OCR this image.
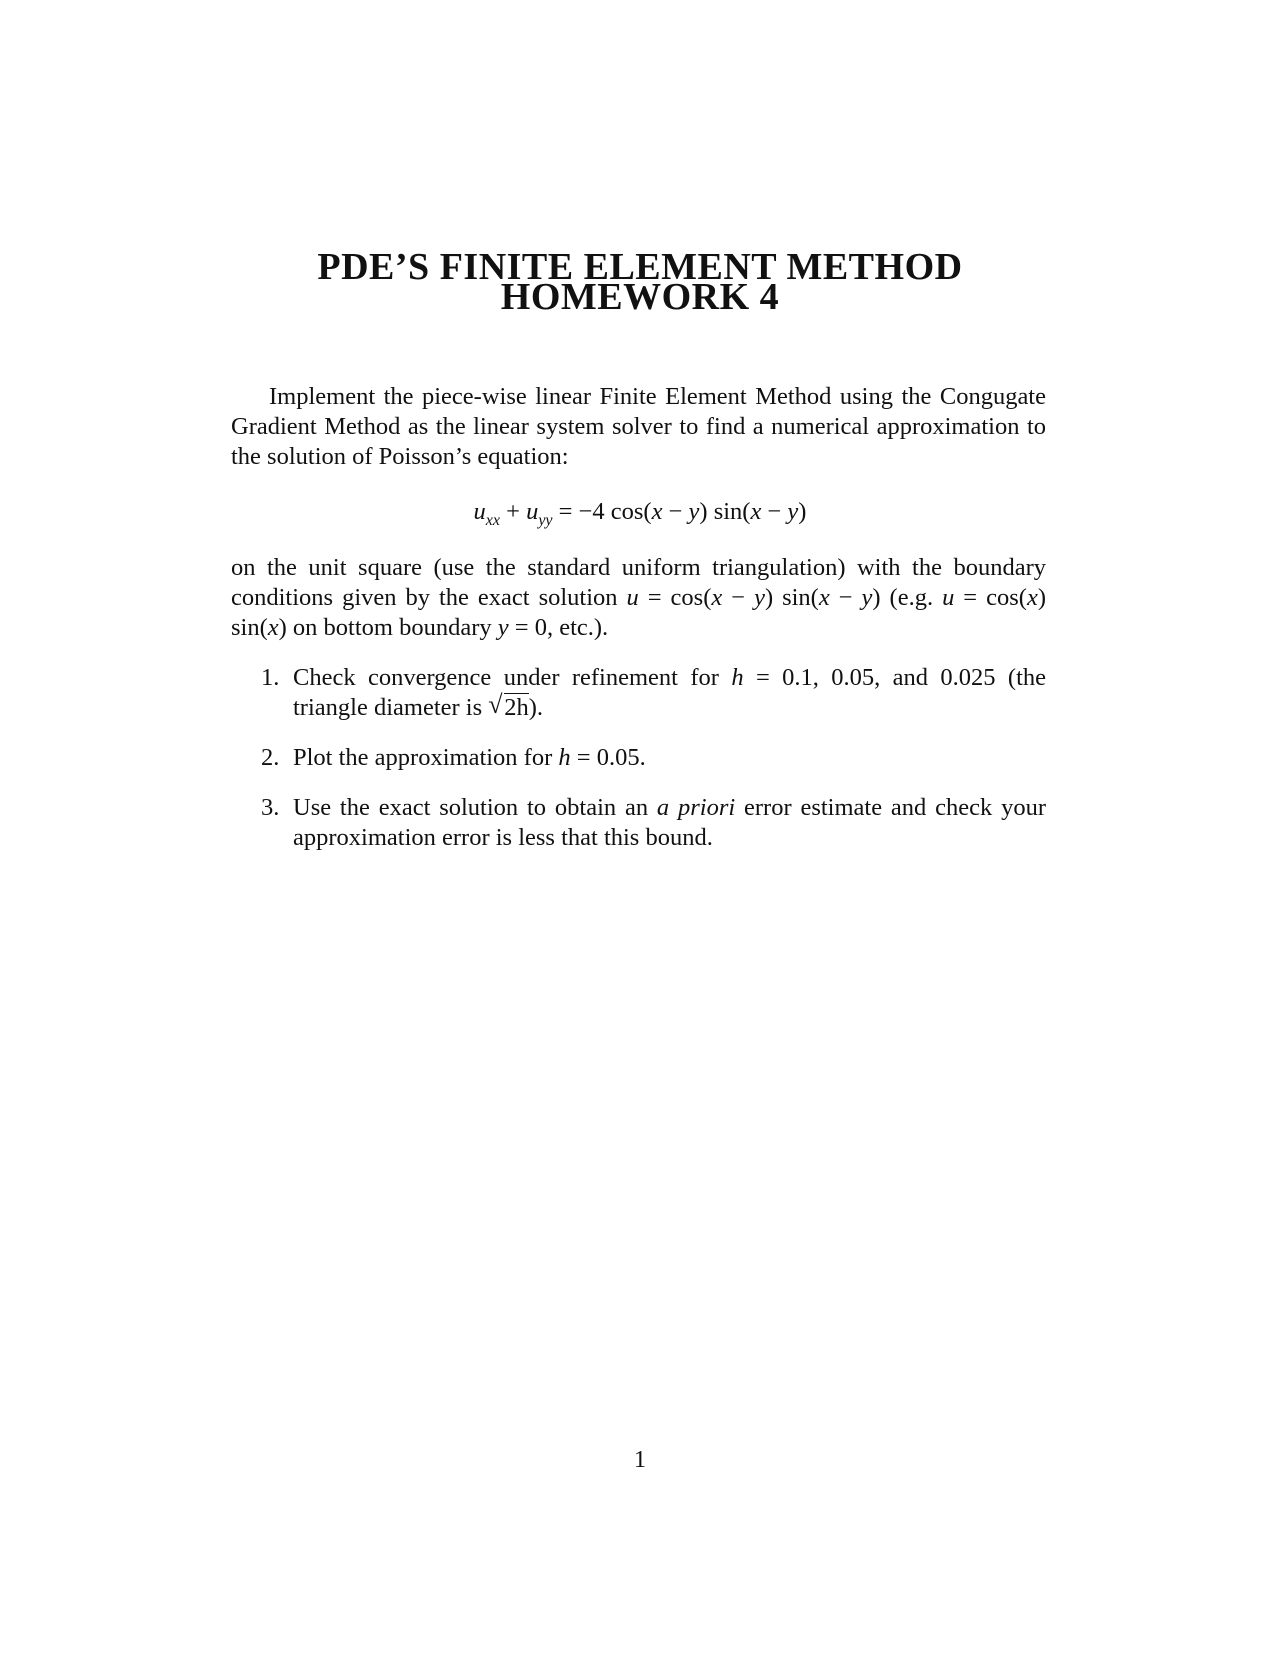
PDE’S FINITE ELEMENT METHOD
HOMEWORK 4
Implement the piece-wise linear Finite Element Method using the Congugate Gradient Method as the linear system solver to find a numerical approximation to the solution of Poisson’s equation:
$u_{xx} + u_{yy} = -4$ cos(x − y) sin(x − y)
on the unit square (use the standard uniform triangulation) with the boundary conditions given by the exact solution u = cos(x − y) sin(x − y) (e.g. u = cos(x) sin(x) on bottom boundary y = 0, etc.).
1. Check convergence under refinement for h = 0.1, 0.05, and 0.025 (the triangle diameter is √ 2h).
2. Plot the approximation for h = 0.05.
3. Use the exact solution to obtain an a priori error estimate and check your approximation error is less that this bound.
1
